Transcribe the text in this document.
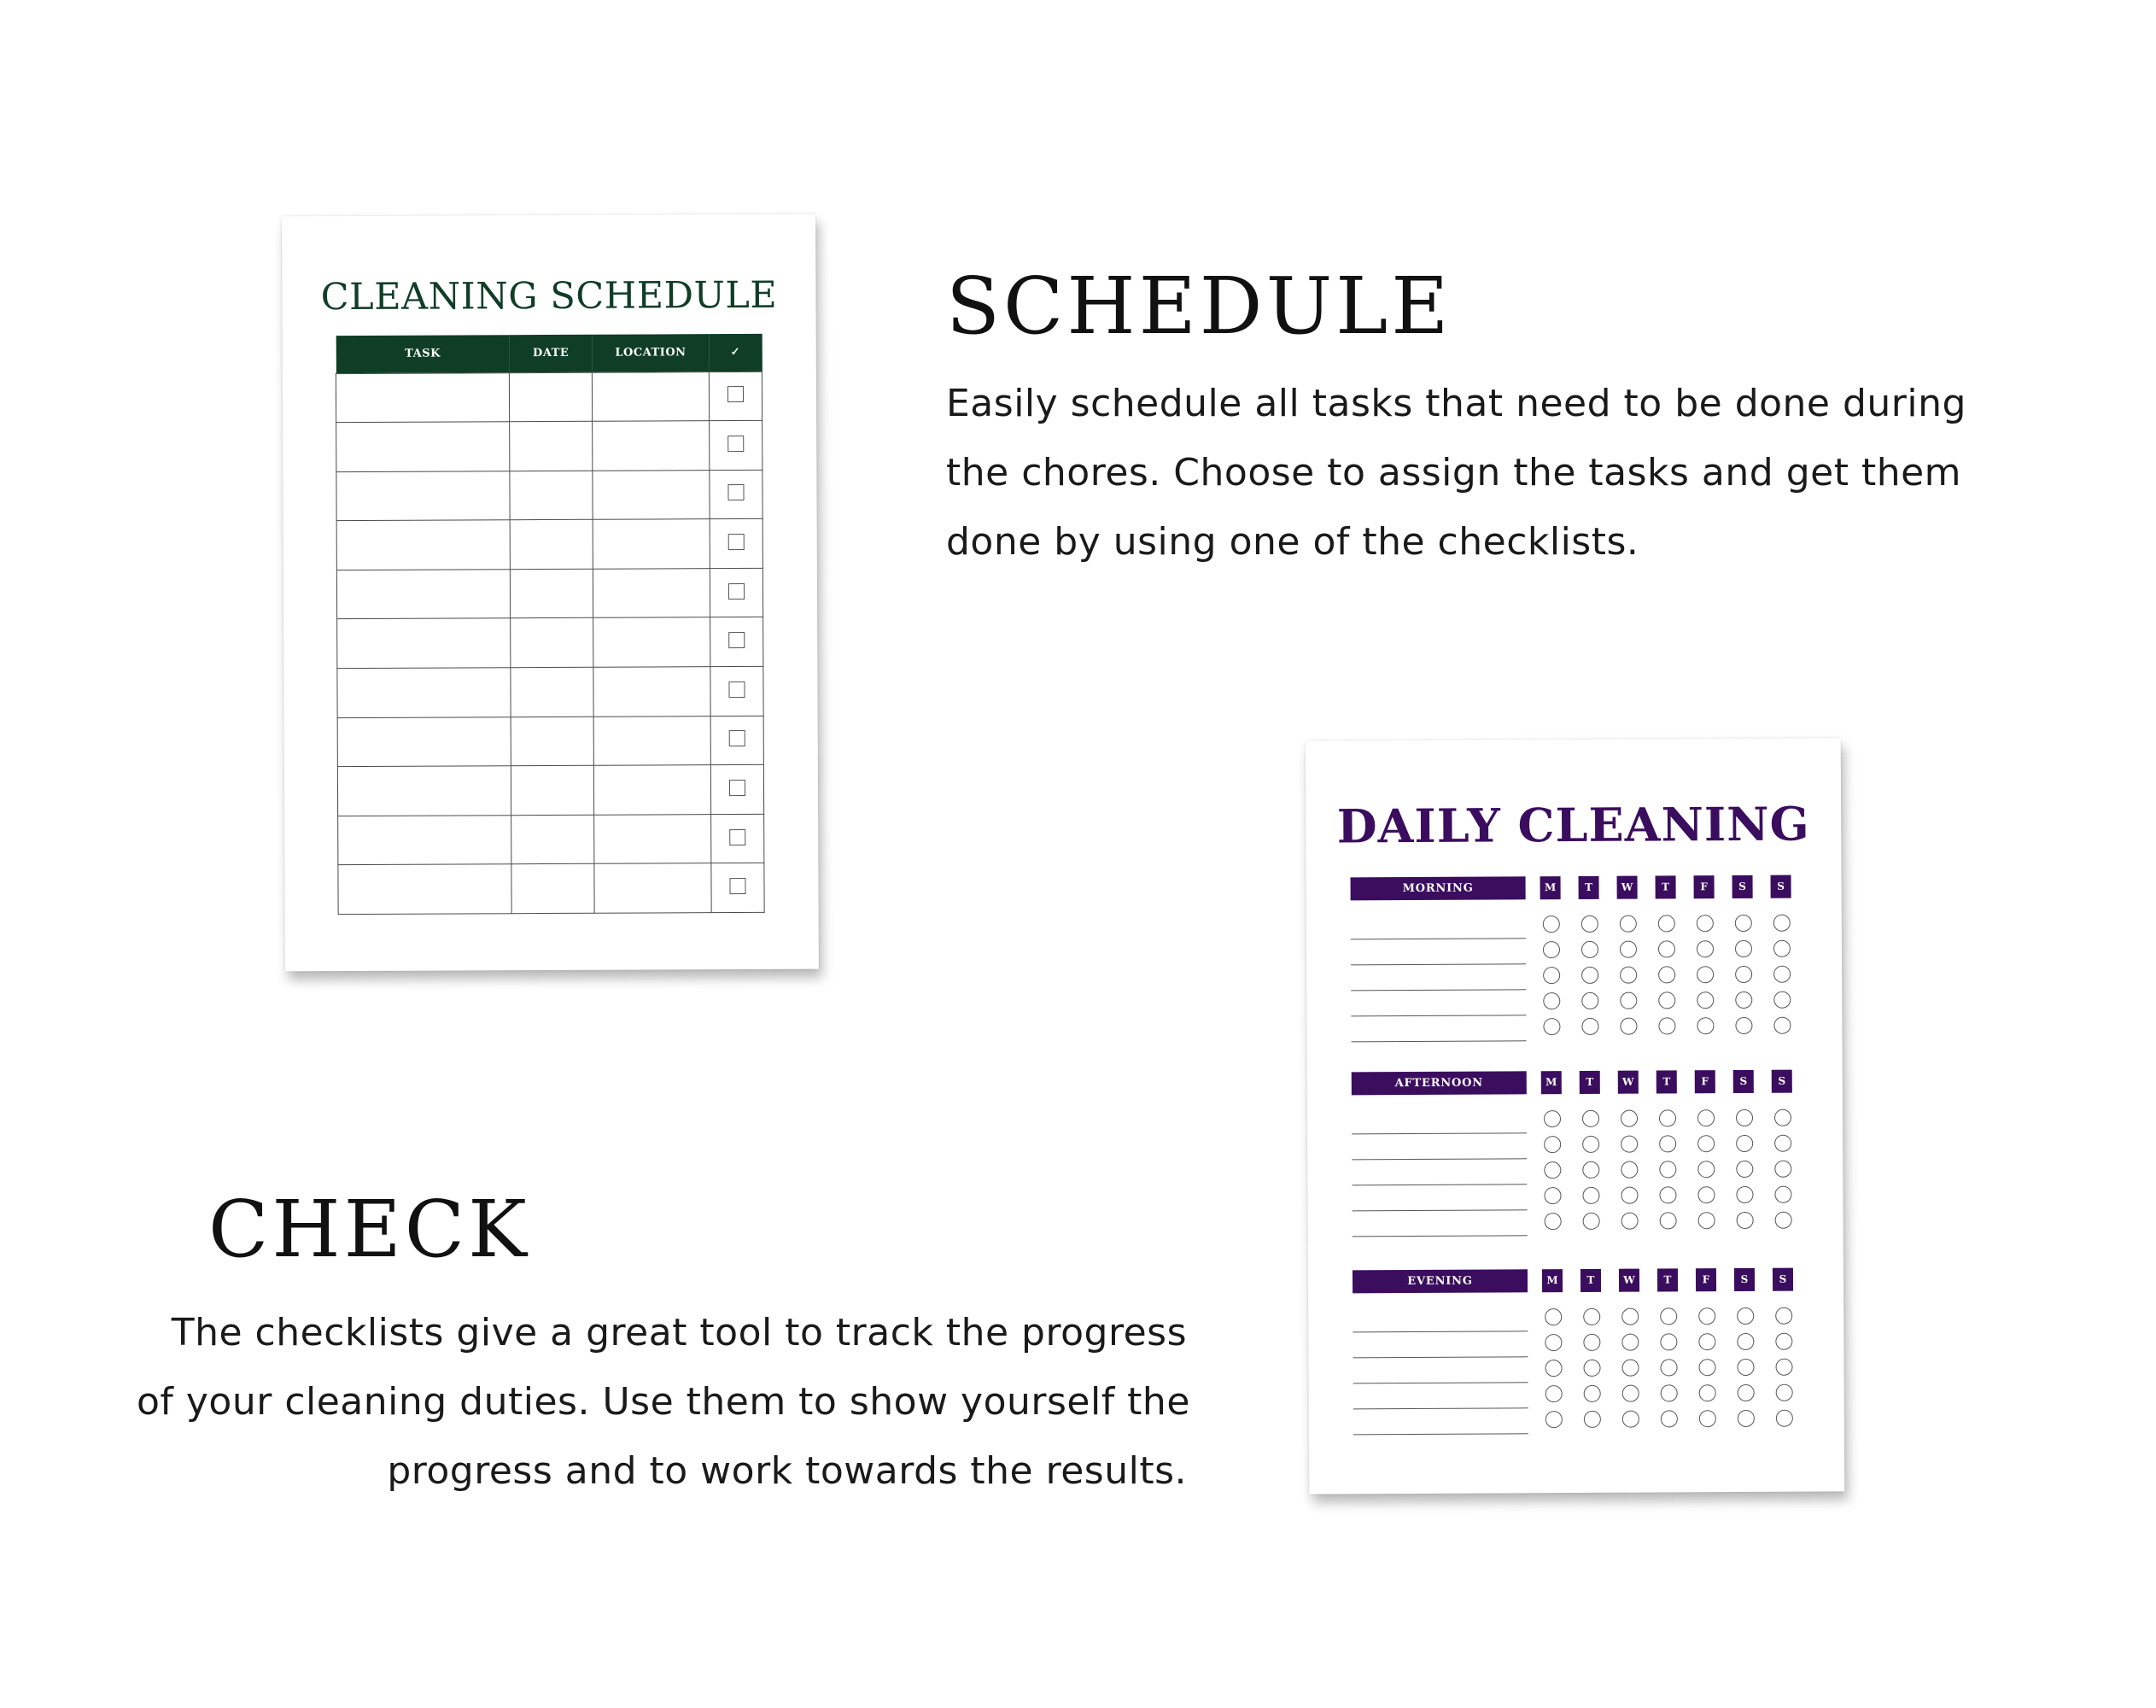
CLEANING SCHEDULE
TASK	DATE	LOCATION	✓

SCHEDULE
Easily schedule all tasks that need to be done during
the chores. Choose to assign the tasks and get them
done by using one of the checklists.
CHECK
The checklists give a great tool to track the progress
of your cleaning duties. Use them to show yourself the
progress and to work towards the results.
DAILY CLEANING
MORNING	M	T	W	T	F	S	S
AFTERNOON	M	T	W	T	F	S	S
EVENING	M	T	W	T	F	S	S
